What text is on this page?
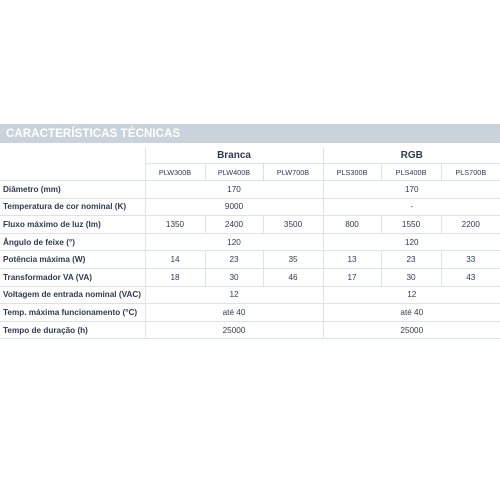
CARACTERÍSTICAS TÉCNICAS
	Branca			RGB		
	PLW300B	PLW400B	PLW700B	PLS300B	PLS400B	PLS700B
Diâmetro (mm)	170			170		
Temperatura de cor nominal (K)	9000			-		
Fluxo máximo de luz (lm)	1350	2400	3500	800	1550	2200
Ângulo de feixe (°)	120			120		
Potência máxima (W)	14	23	35	13	23	33
Transformador VA (VA)	18	30	46	17	30	43
Voltagem de entrada nominal (VAC)	12			12		
Temp. máxima funcionamento (°C)	até 40			até 40		
Tempo de duração (h)	25000			25000		
